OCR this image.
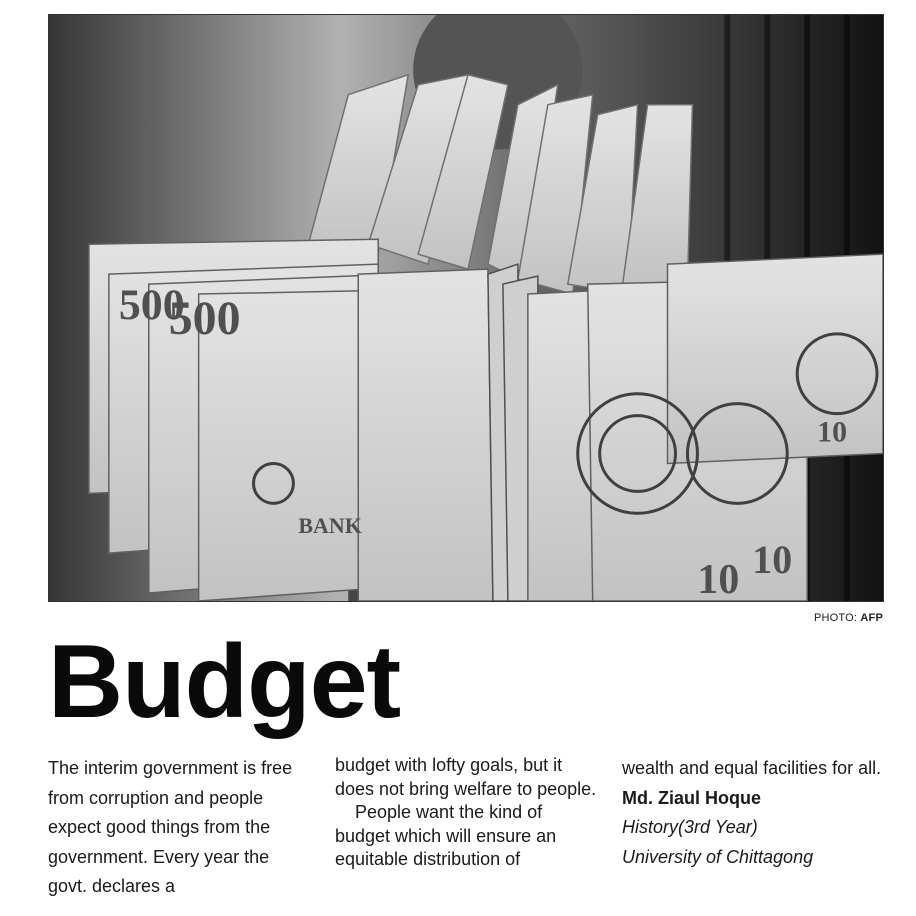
500
500
10 10
10
BANK
PHOTO: AFP
Budget

The interim government is free from corruption and people expect good things from the government. Every year the govt. declares a

budget with lofty goals, but it does not bring welfare to people.

People want the kind of budget which will ensure an equitable distribution of

wealth and equal facilities for all.

Md. Ziaul Hoque

History(3rd Year)

University of Chittagong
